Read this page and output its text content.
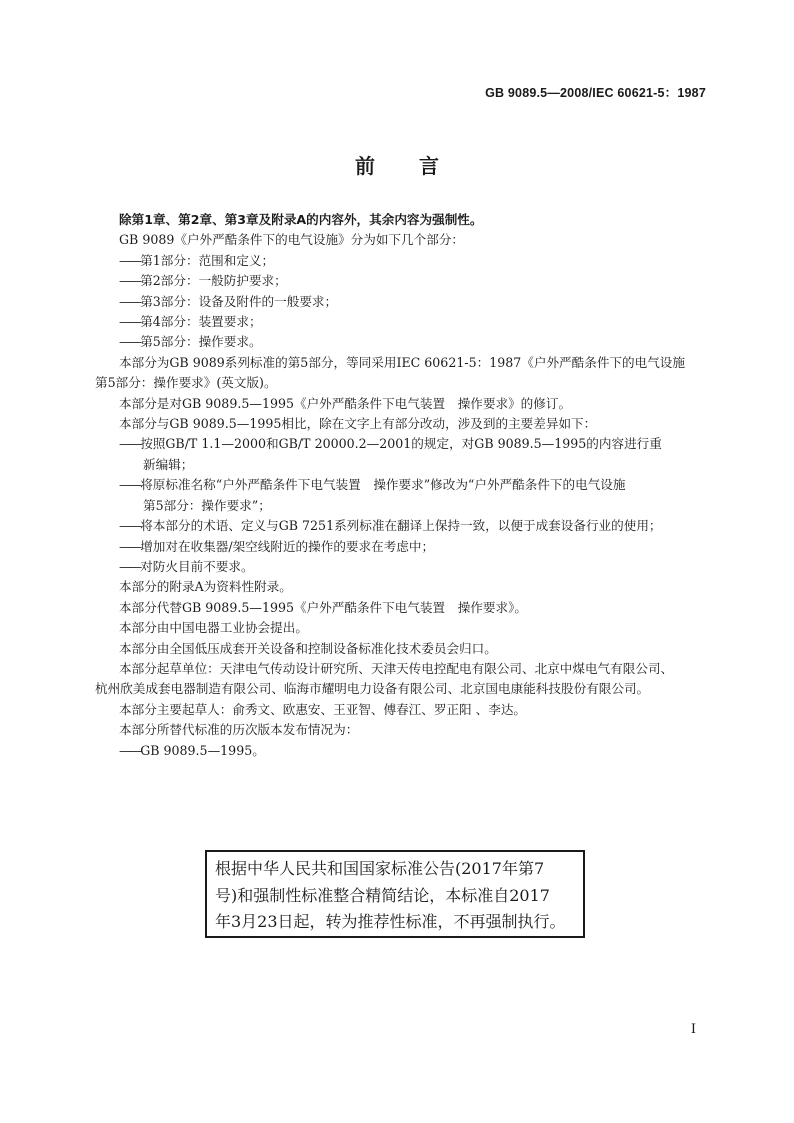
GB 9089.5—2008/IEC 60621-5：1987
前言
除第1章、第2章、第3章及附录A的内容外，其余内容为强制性。
GB 9089《户外严酷条件下的电气设施》分为如下几个部分：
——第1部分：范围和定义；
——第2部分：一般防护要求；
——第3部分：设备及附件的一般要求；
——第4部分：装置要求；
——第5部分：操作要求。
本部分为GB 9089系列标准的第5部分，等同采用IEC 60621-5：1987《户外严酷条件下的电气设施
第5部分：操作要求》(英文版)。
本部分是对GB 9089.5—1995《户外严酷条件下电气装置　操作要求》的修订。
本部分与GB 9089.5—1995相比，除在文字上有部分改动，涉及到的主要差异如下：
——按照GB/T 1.1—2000和GB/T 20000.2—2001的规定，对GB 9089.5—1995的内容进行重
新编辑；
——将原标准名称“户外严酷条件下电气装置　操作要求”修改为“户外严酷条件下的电气设施
第5部分：操作要求”；
——将本部分的术语、定义与GB 7251系列标准在翻译上保持一致，以便于成套设备行业的使用；
——增加对在收集器/架空线附近的操作的要求在考虑中；
——对防火目前不要求。
本部分的附录A为资料性附录。
本部分代替GB 9089.5—1995《户外严酷条件下电气装置　操作要求》。
本部分由中国电器工业协会提出。
本部分由全国低压成套开关设备和控制设备标准化技术委员会归口。
本部分起草单位：天津电气传动设计研究所、天津天传电控配电有限公司、北京中煤电气有限公司、
杭州欣美成套电器制造有限公司、临海市耀明电力设备有限公司、北京国电康能科技股份有限公司。
本部分主要起草人：俞秀文、欧惠安、王亚智、傅春江、罗正阳 、李达。
本部分所替代标准的历次版本发布情况为：
——GB 9089.5—1995。
根据中华人民共和国国家标准公告(2017年第7
号)和强制性标准整合精简结论，本标准自2017
年3月23日起，转为推荐性标准，不再强制执行。
I
